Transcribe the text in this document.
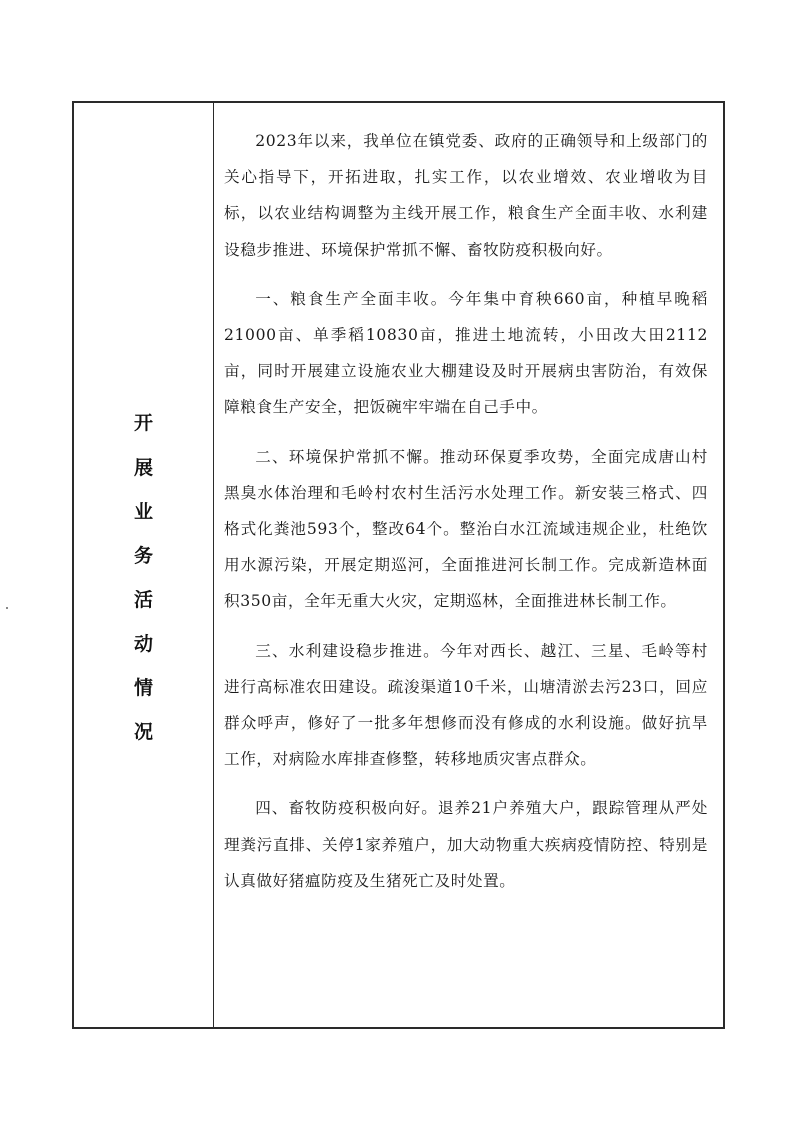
开
展
业
务
活
动
情
况

2023年以来，我单位在镇党委、政府的正确领导和上级部门的关心指导下，开拓进取，扎实工作，以农业增效、农业增收为目标，以农业结构调整为主线开展工作，粮食生产全面丰收、水利建设稳步推进、环境保护常抓不懈、畜牧防疫积极向好。

一、粮食生产全面丰收。今年集中育秧660亩，种植早晚稻21000亩、单季稻10830亩，推进土地流转，小田改大田2112亩，同时开展建立设施农业大棚建设及时开展病虫害防治，有效保障粮食生产安全，把饭碗牢牢端在自己手中。

二、环境保护常抓不懈。推动环保夏季攻势，全面完成唐山村黑臭水体治理和毛岭村农村生活污水处理工作。新安装三格式、四格式化粪池593个，整改64个。整治白水江流域违规企业，杜绝饮用水源污染，开展定期巡河，全面推进河长制工作。完成新造林面积350亩，全年无重大火灾，定期巡林，全面推进林长制工作。

三、水利建设稳步推进。今年对西长、越江、三星、毛岭等村进行高标准农田建设。疏浚渠道10千米，山塘清淤去污23口，回应群众呼声，修好了一批多年想修而没有修成的水利设施。做好抗旱工作，对病险水库排查修整，转移地质灾害点群众。

四、畜牧防疫积极向好。退养21户养殖大户，跟踪管理从严处理粪污直排、关停1家养殖户，加大动物重大疾病疫情防控、特别是认真做好猪瘟防疫及生猪死亡及时处置。
